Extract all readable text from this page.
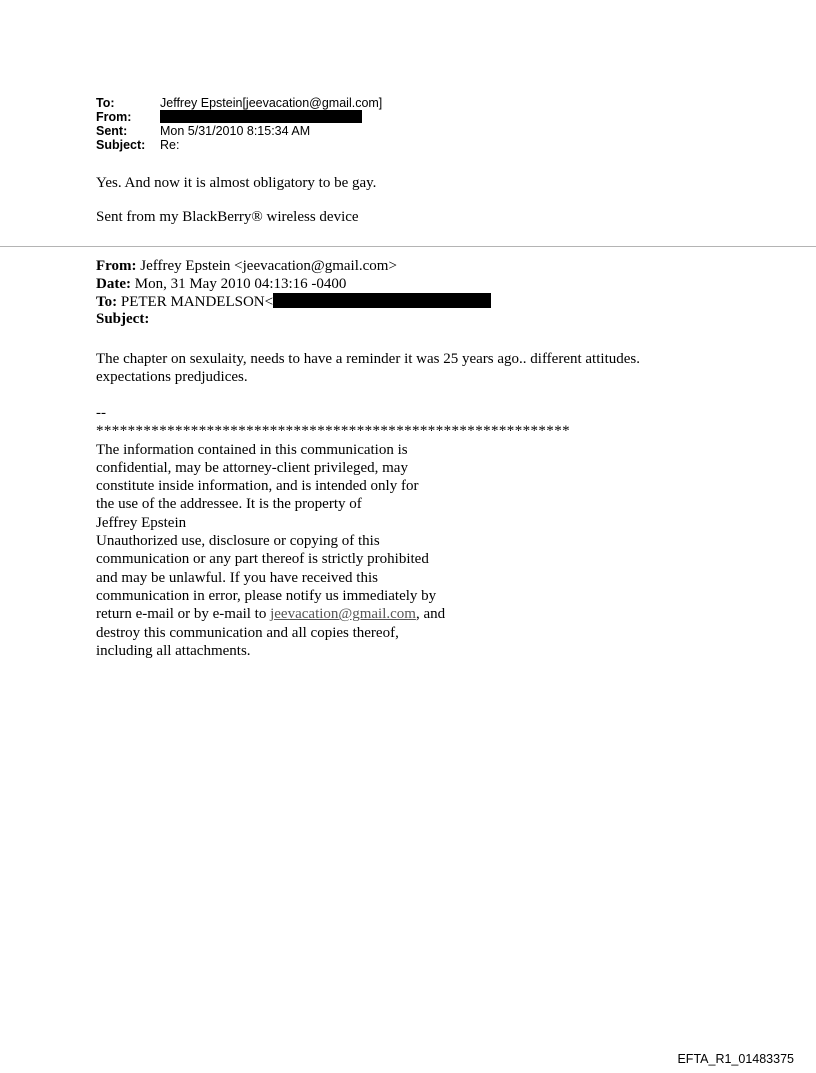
To:	Jeffrey Epstein[jeevacation@gmail.com]
From:
Sent:	Mon 5/31/2010 8:15:34 AM
Subject:	Re:
Yes. And now it is almost obligatory to be gay.
Sent from my BlackBerry® wireless device
From: Jeffrey Epstein <jeevacation@gmail.com>
Date: Mon, 31 May 2010 04:13:16 -0400
To: PETER MANDELSON<
Subject:
The chapter on sexulaity, needs to have a reminder it was 25 years ago.. different attitudes.
expectations predjudices.
--
************************************************************
The information contained in this communication is
confidential, may be attorney-client privileged, may
constitute inside information, and is intended only for
the use of the addressee. It is the property of
Jeffrey Epstein
Unauthorized use, disclosure or copying of this
communication or any part thereof is strictly prohibited
and may be unlawful. If you have received this
communication in error, please notify us immediately by
return e-mail or by e-mail to jeevacation@gmail.com, and
destroy this communication and all copies thereof,
including all attachments.
EFTA_R1_01483375
